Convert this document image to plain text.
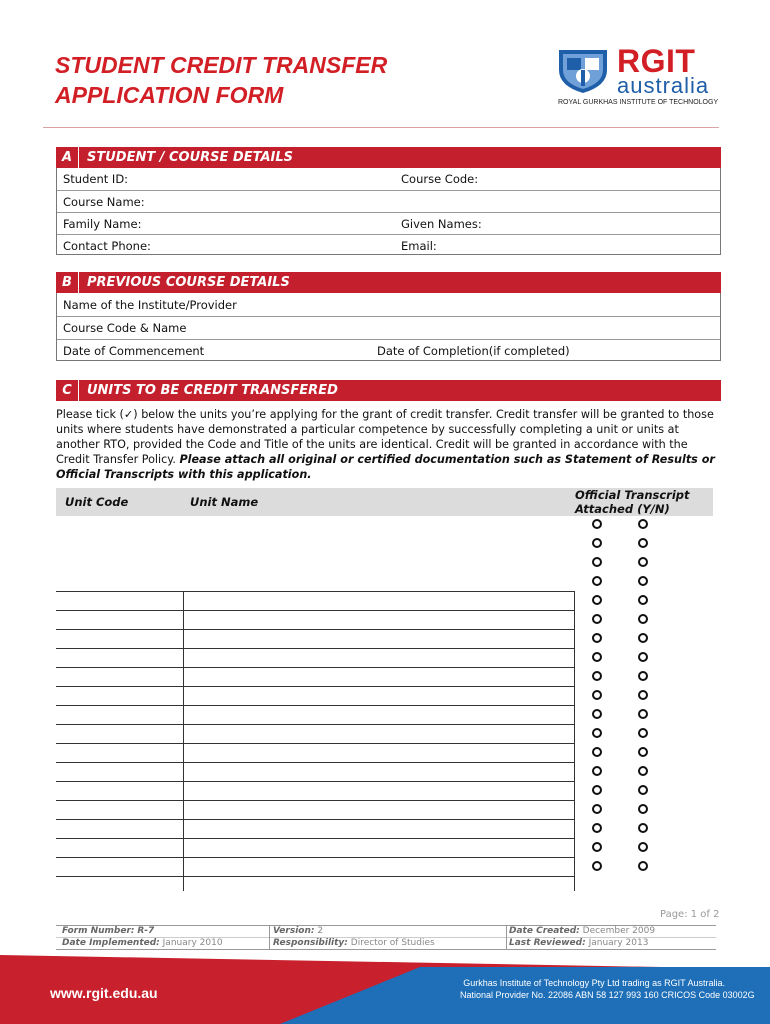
STUDENT CREDIT TRANSFER
APPLICATION FORM
RGIT
australia
ROYAL GURKHAS INSTITUTE OF TECHNOLOGY
A	STUDENT / COURSE DETAILS
Student ID:	Course Code:
Course Name:
Family Name:	Given Names:
Contact Phone:	Email:
B	PREVIOUS COURSE DETAILS
Name of the Institute/Provider
Course Code & Name
Date of Commencement	Date of Completion(if completed)
C	UNITS TO BE CREDIT TRANSFERED

Please tick (✓) below the units you’re applying for the grant of credit transfer. Credit transfer will be granted to those units where students have demonstrated a particular competence by successfully completing a unit or units at another RTO, provided the Code and Title of the units are identical. Credit will be granted in accordance with the Credit Transfer Policy. Please attach all original or certified documentation such as Statement of Results or Official Transcripts with this application.

Unit Code	Unit Name	Official Transcript
Attached (Y/N)
Page: 1 of 2
Form Number: R-7	Version: 2	Date Created: December 2009
Date Implemented: January 2010	Responsibility: Director of Studies	Last Reviewed: January 2013
www.rgit.edu.au
Gurkhas Institute of Technology Pty Ltd trading as RGIT Australia.
National Provider No. 22086 ABN 58 127 993 160 CRICOS Code 03002G
